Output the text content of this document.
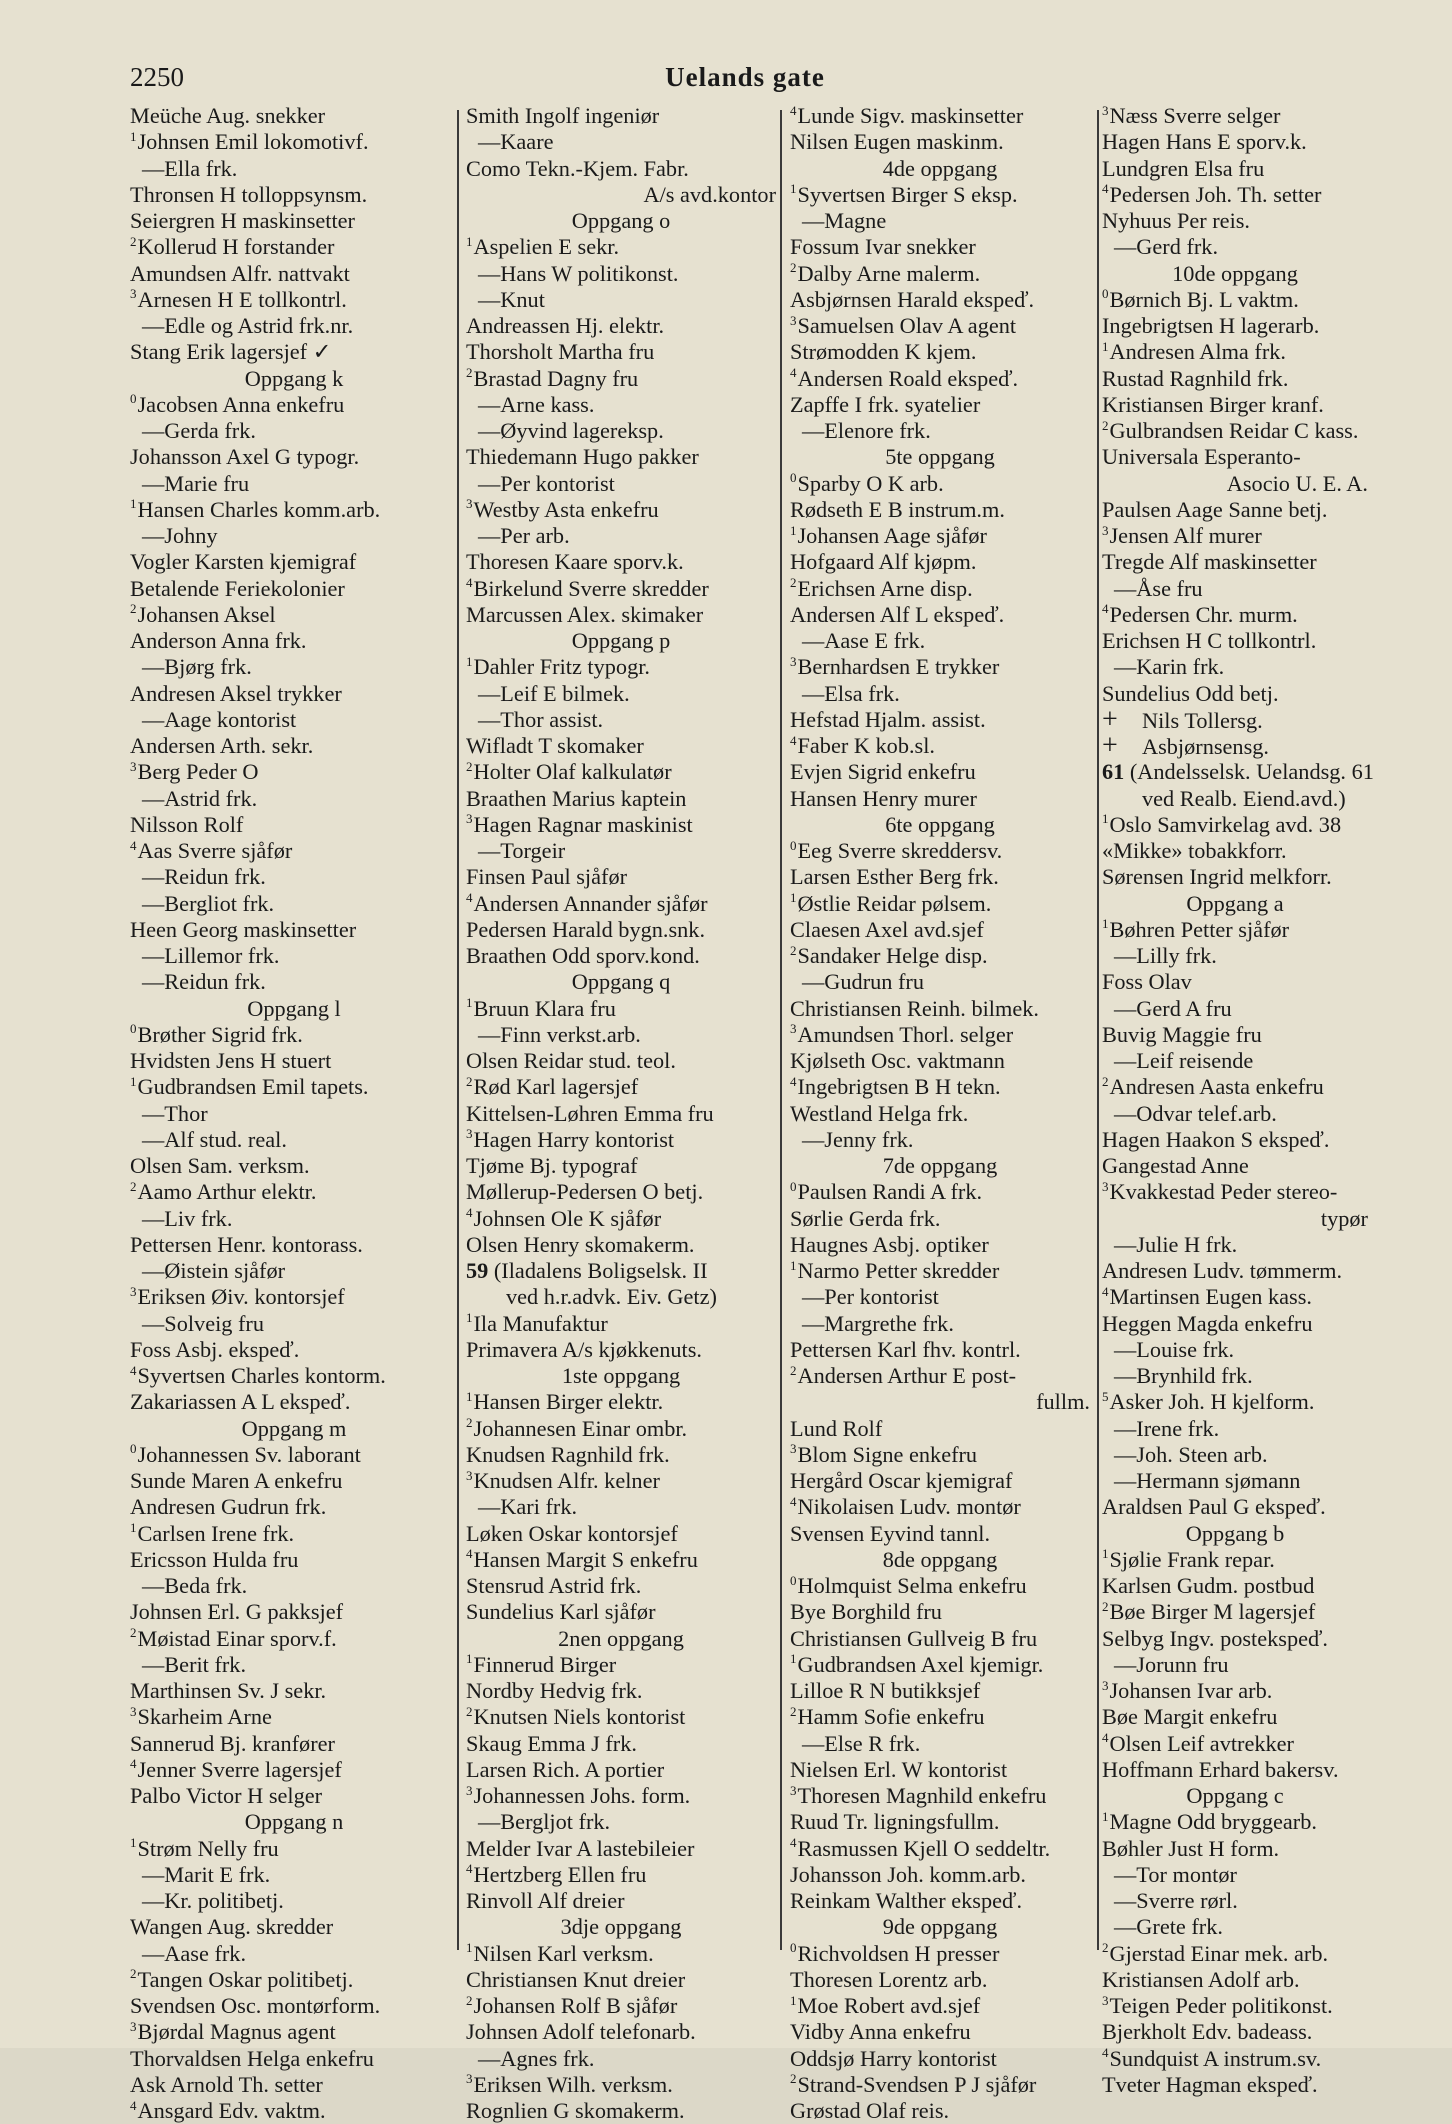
2250	Uelands gate
Meüche Aug. snekker
$^1$Johnsen Emil lokomotivf.
—Ella frk.
Thronsen H tolloppsynsm.
Seiergren H maskinsetter
$^2$Kollerud H forstander
Amundsen Alfr. nattvakt
$^3$Arnesen H E tollkontrl.
—Edle og Astrid frk.nr.
Stang Erik lagersjef ✓
Oppgang k
$^0$Jacobsen Anna enkefru
—Gerda frk.
Johansson Axel G typogr.
—Marie fru
$^1$Hansen Charles komm.arb.
—Johny
Vogler Karsten kjemigraf
Betalende Feriekolonier
$^2$Johansen Aksel
Anderson Anna frk.
—Bjørg frk.
Andresen Aksel trykker
—Aage kontorist
Andersen Arth. sekr.
$^3$Berg Peder O
—Astrid frk.
Nilsson Rolf
$^4$Aas Sverre sjåfør
—Reidun frk.
—Bergliot frk.
Heen Georg maskinsetter
—Lillemor frk.
—Reidun frk.
Oppgang l
$^0$Brøther Sigrid frk.
Hvidsten Jens H stuert
$^1$Gudbrandsen Emil tapets.
—Thor
—Alf stud. real.
Olsen Sam. verksm.
$^2$Aamo Arthur elektr.
—Liv frk.
Pettersen Henr. kontorass.
—Øistein sjåfør
$^3$Eriksen Øiv. kontorsjef
—Solveig fru
Foss Asbj. ekspeď.
$^4$Syvertsen Charles kontorm.
Zakariassen A L ekspeď.
Oppgang m
$^0$Johannessen Sv. laborant
Sunde Maren A enkefru
Andresen Gudrun frk.
$^1$Carlsen Irene frk.
Ericsson Hulda fru
—Beda frk.
Johnsen Erl. G pakksjef
$^2$Møistad Einar sporv.f.
—Berit frk.
Marthinsen Sv. J sekr.
$^3$Skarheim Arne
Sannerud Bj. kranfører
$^4$Jenner Sverre lagersjef
Palbo Victor H selger
Oppgang n
$^1$Strøm Nelly fru
—Marit E frk.
—Kr. politibetj.
Wangen Aug. skredder
—Aase frk.
$^2$Tangen Oskar politibetj.
Svendsen Osc. montørform.
$^3$Bjørdal Magnus agent
Thorvaldsen Helga enkefru
Ask Arnold Th. setter
$^4$Ansgard Edv. vaktm.
Smith Ingolf ingeniør
—Kaare
Como Tekn.-Kjem. Fabr.
A/s avd.kontor
Oppgang o
$^1$Aspelien E sekr.
—Hans W politikonst.
—Knut
Andreassen Hj. elektr.
Thorsholt Martha fru
$^2$Brastad Dagny fru
—Arne kass.
—Øyvind lagereksp.
Thiedemann Hugo pakker
—Per kontorist
$^3$Westby Asta enkefru
—Per arb.
Thoresen Kaare sporv.k.
$^4$Birkelund Sverre skredder
Marcussen Alex. skimaker
Oppgang p
$^1$Dahler Fritz typogr.
—Leif E bilmek.
—Thor assist.
Wifladt T skomaker
$^2$Holter Olaf kalkulatør
Braathen Marius kaptein
$^3$Hagen Ragnar maskinist
—Torgeir
Finsen Paul sjåfør
$^4$Andersen Annander sjåfør
Pedersen Harald bygn.snk.
Braathen Odd sporv.kond.
Oppgang q
$^1$Bruun Klara fru
—Finn verkst.arb.
Olsen Reidar stud. teol.
$^2$Rød Karl lagersjef
Kittelsen-Løhren Emma fru
$^3$Hagen Harry kontorist
Tjøme Bj. typograf
Møllerup-Pedersen O betj.
$^4$Johnsen Ole K sjåfør
Olsen Henry skomakerm.
59 (Iladalens Boligselsk. II
ved h.r.advk. Eiv. Getz)
$^1$Ila Manufaktur
Primavera A/s kjøkkenuts.
1ste oppgang
$^1$Hansen Birger elektr.
$^2$Johannesen Einar ombr.
Knudsen Ragnhild frk.
$^3$Knudsen Alfr. kelner
—Kari frk.
Løken Oskar kontorsjef
$^4$Hansen Margit S enkefru
Stensrud Astrid frk.
Sundelius Karl sjåfør
2nen oppgang
$^1$Finnerud Birger
Nordby Hedvig frk.
$^2$Knutsen Niels kontorist
Skaug Emma J frk.
Larsen Rich. A portier
$^3$Johannessen Johs. form.
—Bergljot frk.
Melder Ivar A lastebileier
$^4$Hertzberg Ellen fru
Rinvoll Alf dreier
3dje oppgang
$^1$Nilsen Karl verksm.
Christiansen Knut dreier
$^2$Johansen Rolf B sjåfør
Johnsen Adolf telefonarb.
—Agnes frk.
$^3$Eriksen Wilh. verksm.
Rognlien G skomakerm.
$^4$Lunde Sigv. maskinsetter
Nilsen Eugen maskinm.
4de oppgang
$^1$Syvertsen Birger S eksp.
—Magne
Fossum Ivar snekker
$^2$Dalby Arne malerm.
Asbjørnsen Harald ekspeď.
$^3$Samuelsen Olav A agent
Strømodden K kjem.
$^4$Andersen Roald ekspeď.
Zapffe I frk. syatelier
—Elenore frk.
5te oppgang
$^0$Sparby O K arb.
Rødseth E B instrum.m.
$^1$Johansen Aage sjåfør
Hofgaard Alf kjøpm.
$^2$Erichsen Arne disp.
Andersen Alf L ekspeď.
—Aase E frk.
$^3$Bernhardsen E trykker
—Elsa frk.
Hefstad Hjalm. assist.
$^4$Faber K kob.sl.
Evjen Sigrid enkefru
Hansen Henry murer
6te oppgang
$^0$Eeg Sverre skreddersv.
Larsen Esther Berg frk.
$^1$Østlie Reidar pølsem.
Claesen Axel avd.sjef
$^2$Sandaker Helge disp.
—Gudrun fru
Christiansen Reinh. bilmek.
$^3$Amundsen Thorl. selger
Kjølseth Osc. vaktmann
$^4$Ingebrigtsen B H tekn.
Westland Helga frk.
—Jenny frk.
7de oppgang
$^0$Paulsen Randi A frk.
Sørlie Gerda frk.
Haugnes Asbj. optiker
$^1$Narmo Petter skredder
—Per kontorist
—Margrethe frk.
Pettersen Karl fhv. kontrl.
$^2$Andersen Arthur E post-
fullm.
Lund Rolf
$^3$Blom Signe enkefru
Hergård Oscar kjemigraf
$^4$Nikolaisen Ludv. montør
Svensen Eyvind tannl.
8de oppgang
$^0$Holmquist Selma enkefru
Bye Borghild fru
Christiansen Gullveig B fru
$^1$Gudbrandsen Axel kjemigr.
Lilloe R N butikksjef
$^2$Hamm Sofie enkefru
—Else R frk.
Nielsen Erl. W kontorist
$^3$Thoresen Magnhild enkefru
Ruud Tr. ligningsfullm.
$^4$Rasmussen Kjell O seddeltr.
Johansson Joh. komm.arb.
Reinkam Walther ekspeď.
9de oppgang
$^0$Richvoldsen H presser
Thoresen Lorentz arb.
$^1$Moe Robert avd.sjef
Vidby Anna enkefru
Oddsjø Harry kontorist
$^2$Strand-Svendsen P J sjåfør
Grøstad Olaf reis.
$^3$Næss Sverre selger
Hagen Hans E sporv.k.
Lundgren Elsa fru
$^4$Pedersen Joh. Th. setter
Nyhuus Per reis.
—Gerd frk.
10de oppgang
$^0$Børnich Bj. L vaktm.
Ingebrigtsen H lagerarb.
$^1$Andresen Alma frk.
Rustad Ragnhild frk.
Kristiansen Birger kranf.
$^2$Gulbrandsen Reidar C kass.
Universala Esperanto-
Asocio U. E. A.
Paulsen Aage Sanne betj.
$^3$Jensen Alf murer
Tregde Alf maskinsetter
—Åse fru
$^4$Pedersen Chr. murm.
Erichsen H C tollkontrl.
—Karin frk.
Sundelius Odd betj.
+ Nils Tollersg.
+ Asbjørnsensg.
61 (Andelsselsk. Uelandsg. 61
ved Realb. Eiend.avd.)
$^1$Oslo Samvirkelag avd. 38
«Mikke» tobakkforr.
Sørensen Ingrid melkforr.
Oppgang a
$^1$Bøhren Petter sjåfør
—Lilly frk.
Foss Olav
—Gerd A fru
Buvig Maggie fru
—Leif reisende
$^2$Andresen Aasta enkefru
—Odvar telef.arb.
Hagen Haakon S ekspeď.
Gangestad Anne
$^3$Kvakkestad Peder stereo-
typør
—Julie H frk.
Andresen Ludv. tømmerm.
$^4$Martinsen Eugen kass.
Heggen Magda enkefru
—Louise frk.
—Brynhild frk.
$^5$Asker Joh. H kjelform.
—Irene frk.
—Joh. Steen arb.
—Hermann sjømann
Araldsen Paul G ekspeď.
Oppgang b
$^1$Sjølie Frank repar.
Karlsen Gudm. postbud
$^2$Bøe Birger M lagersjef
Selbyg Ingv. postekspeď.
—Jorunn fru
$^3$Johansen Ivar arb.
Bøe Margit enkefru
$^4$Olsen Leif avtrekker
Hoffmann Erhard bakersv.
Oppgang c
$^1$Magne Odd bryggearb.
Bøhler Just H form.
—Tor montør
—Sverre rørl.
—Grete frk.
$^2$Gjerstad Einar mek. arb.
Kristiansen Adolf arb.
$^3$Teigen Peder politikonst.
Bjerkholt Edv. badeass.
$^4$Sundquist A instrum.sv.
Tveter Hagman ekspeď.
